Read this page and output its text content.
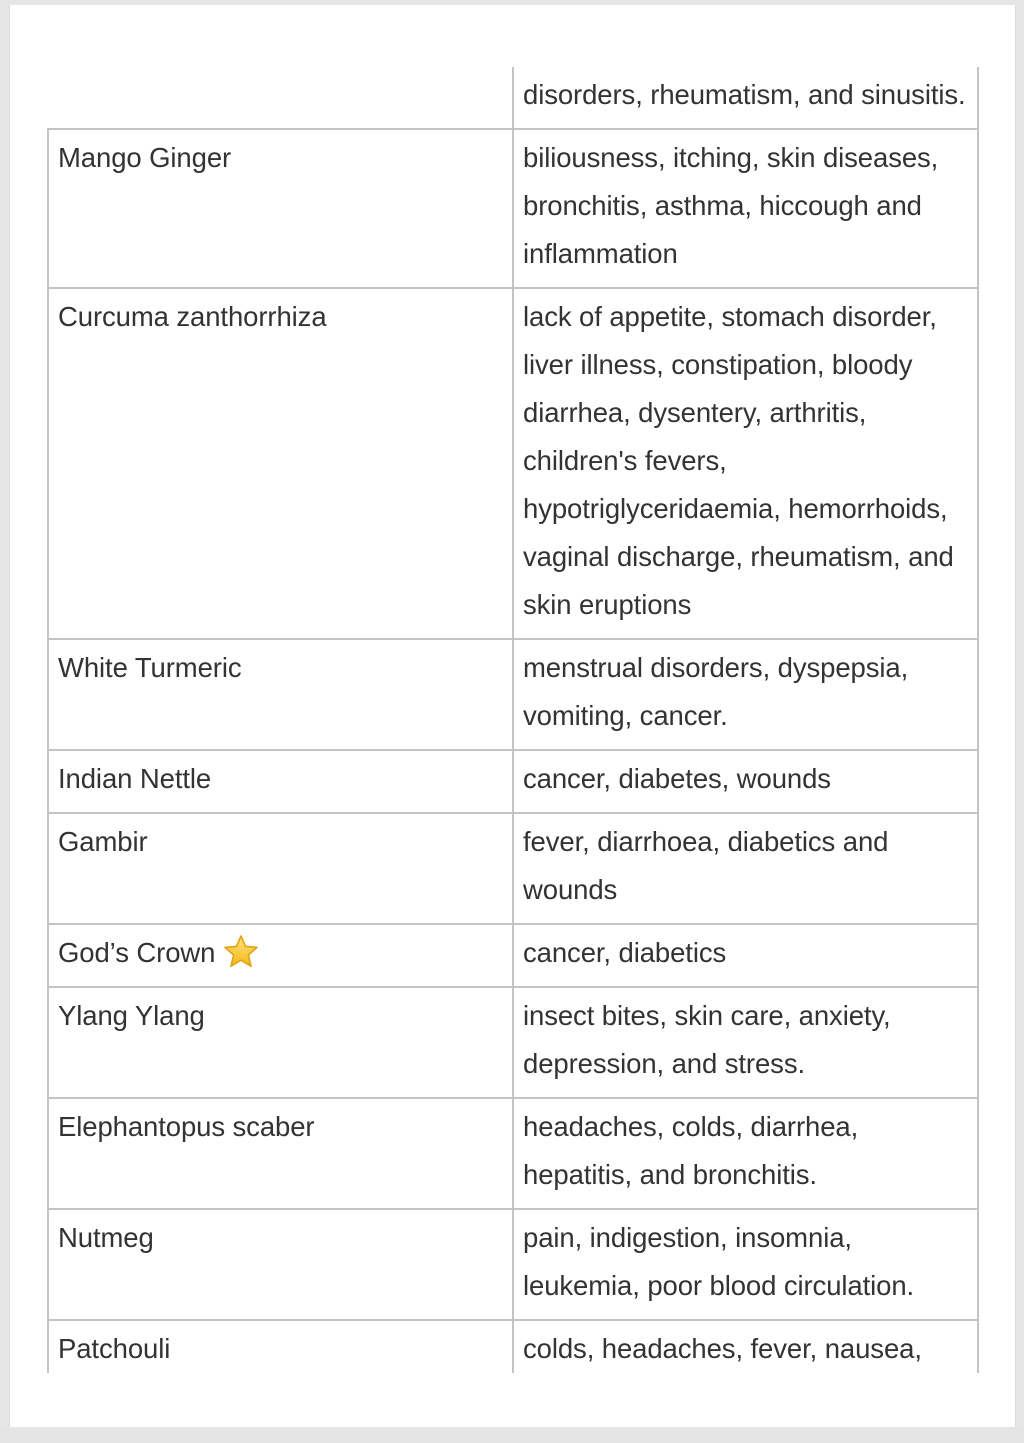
	disorders, rheumatism, and sinusitis.
Mango Ginger	biliousness, itching, skin diseases, bronchitis, asthma, hiccough and inflammation
Curcuma zanthorrhiza	lack of appetite, stomach disorder, liver illness, constipation, bloody diarrhea, dysentery, arthritis, children's fevers, hypotriglyceridaemia, hemorrhoids, vaginal discharge, rheumatism, and skin eruptions
White Turmeric	menstrual disorders, dyspepsia, vomiting, cancer.
Indian Nettle	cancer, diabetes, wounds
Gambir	fever, diarrhoea, diabetics and wounds
God’s Crown	cancer, diabetics
Ylang Ylang	insect bites, skin care, anxiety, depression, and stress.
Elephantopus scaber	headaches, colds, diarrhea, hepatitis, and bronchitis.
Nutmeg	pain, indigestion, insomnia, leukemia, poor blood circulation.
Patchouli	colds, headaches, fever, nausea,
